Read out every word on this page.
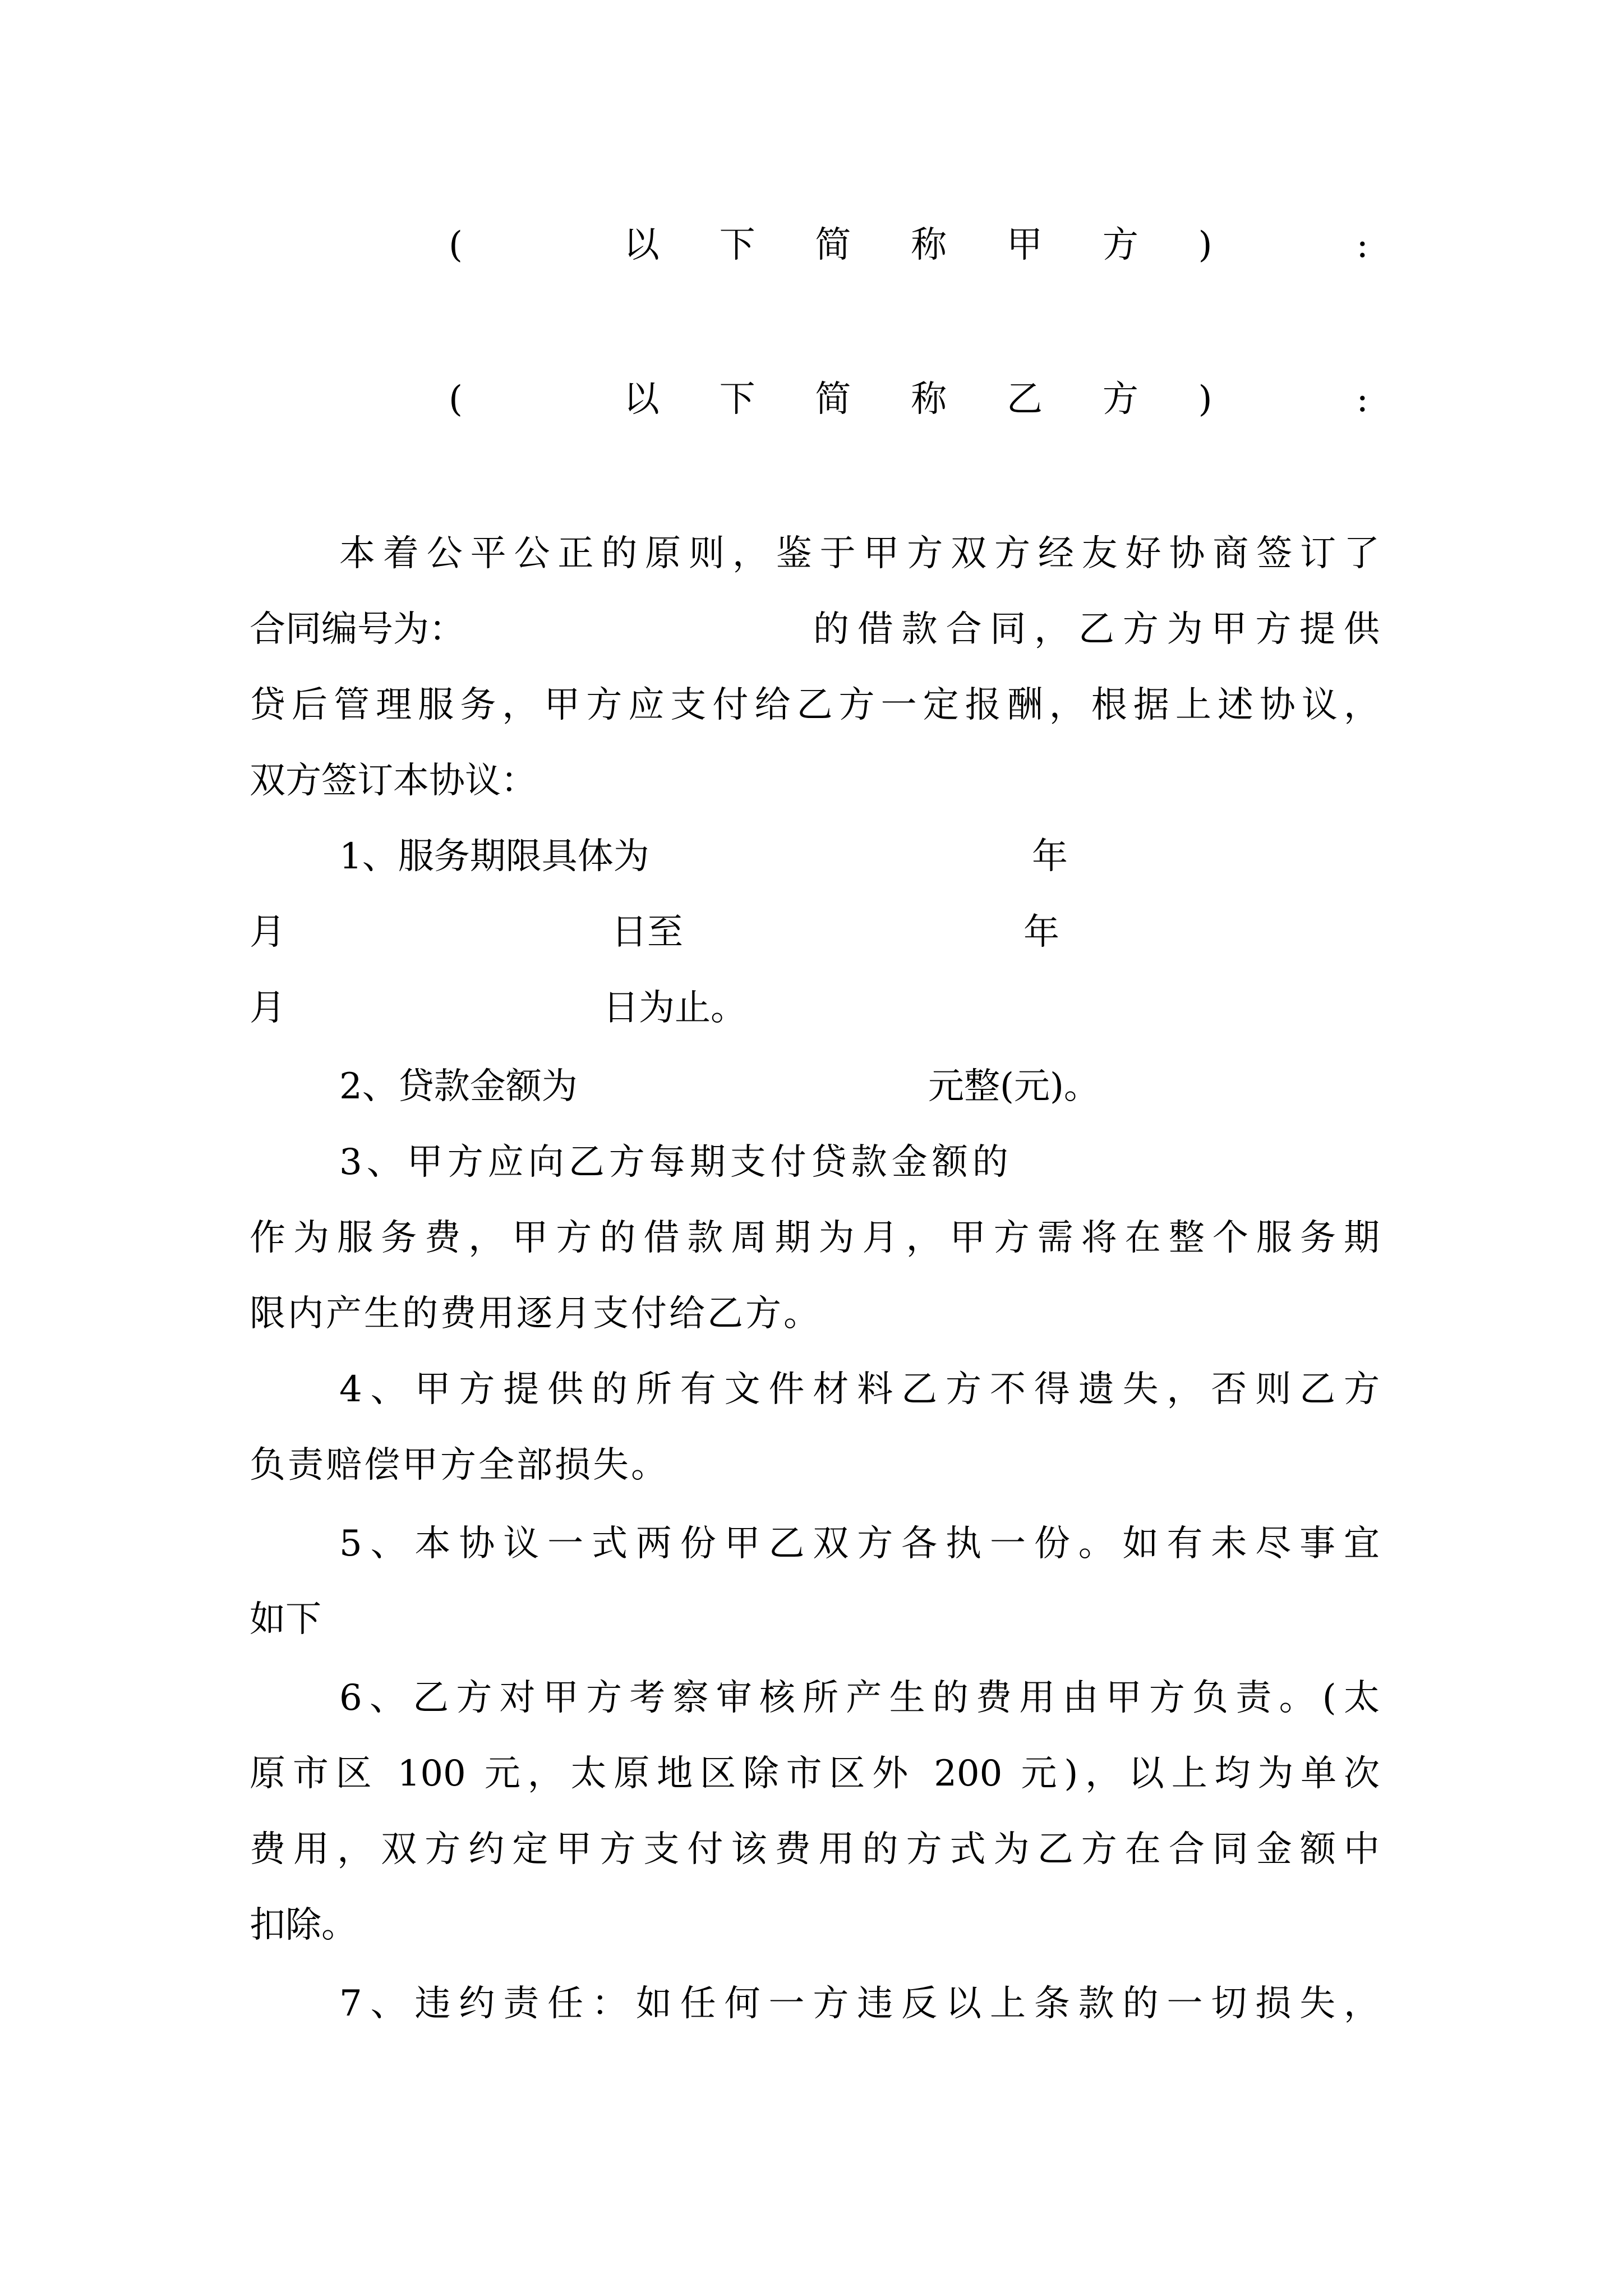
(	以 下 简 称 甲 方 )	:
(	以 下 简 称 乙 方 )	:
本着公平公正的原则，鉴于甲方双方经友好协商签订了
合同编号为：	的借款合同，乙方为甲方提供
贷后管理服务，甲方应支付给乙方一定报酬，根据上述协议，
双方签订本协议：
1、服务期限具体为	年
月	日至	年
月	日为止。
2、贷款金额为	元整(元)。
3、甲方应向乙方每期支付贷款金额的
作为服务费，甲方的借款周期为月，甲方需将在整个服务期
限内产生的费用逐月支付给乙方。
4、甲方提供的所有文件材料乙方不得遗失，否则乙方
负责赔偿甲方全部损失。
5、本协议一式两份甲乙双方各执一份。如有未尽事宜
如下
6、乙方对甲方考察审核所产生的费用由甲方负责。(太
原市区 100 元，太原地区除市区外 200 元)，以上均为单次
费用，双方约定甲方支付该费用的方式为乙方在合同金额中
扣除。
7、违约责任：如任何一方违反以上条款的一切损失，
